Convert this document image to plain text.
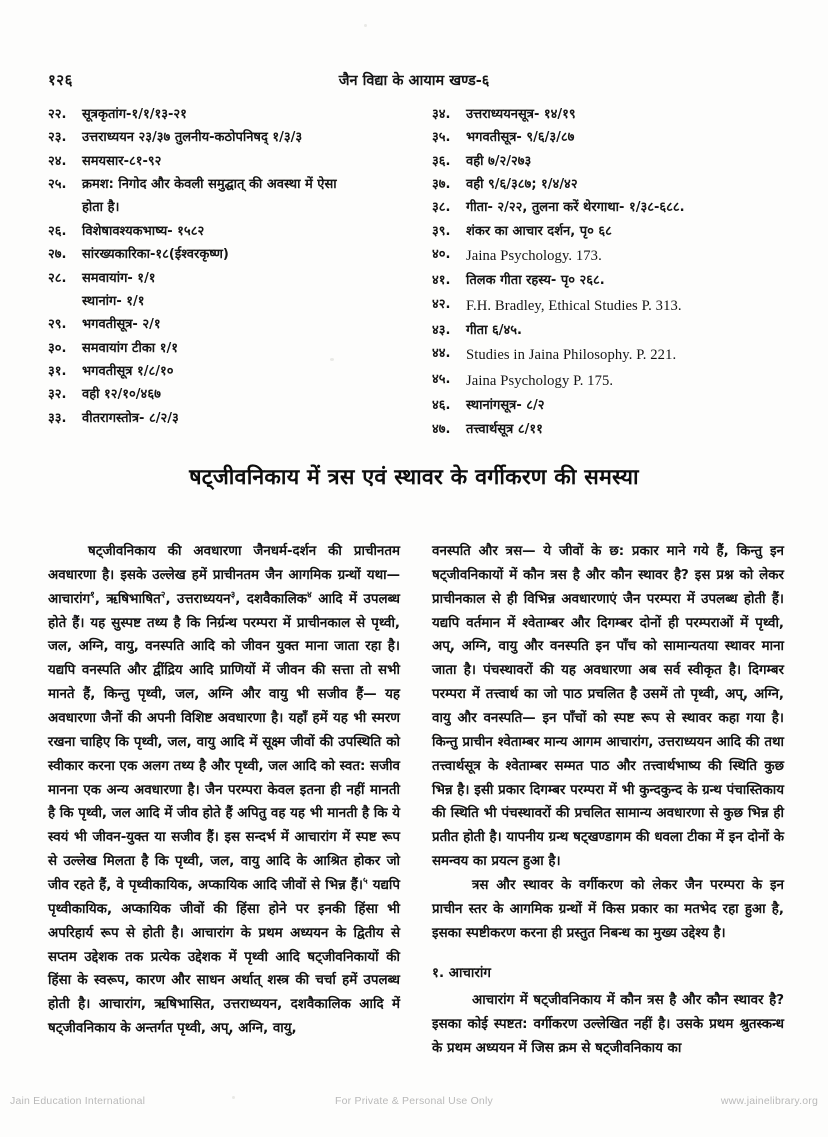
१२६	जैन विद्या के आयाम खण्ड-६
२२.	सूत्रकृतांग-१/१/१३-२१
२३.	उत्तराध्ययन २३/३७ तुलनीय-कठोपनिषद् १/३/३
२४.	समयसार-८१-९२
२५.	क्रमश: निगोद और केवली समुद्घात् की अवस्था में ऐसा
होता है।
२६.	विशेषावश्यकभाष्य- १५८२
२७.	सांरख्यकारिका-१८(ईश्वरकृष्ण)
२८.	समवायांग- १/१
स्थानांग- १/१
२९.	भगवतीसूत्र- २/१
३०.	समवायांग टीका १/१
३१.	भगवतीसूत्र १/८/१०
३२.	वही १२/१०/४६७
३३.	वीतरागस्तोत्र- ८/२/३
३४.	उत्तराध्ययनसूत्र- १४/१९
३५.	भगवतीसूत्र- ९/६/३/८७
३६.	वही ७/२/२७३
३७.	वही ९/६/३८७; १/४/४२
३८.	गीता- २/२२, तुलना करें थेरगाथा- १/३८-६८८.
३९.	शंकर का आचार दर्शन, पृ० ६८
४०.	Jaina Psychology. 173.
४१.	तिलक गीता रहस्य- पृ० २६८.
४२.	F.H. Bradley, Ethical Studies P. 313.
४३.	गीता ६/४५.
४४.	Studies in Jaina Philosophy. P. 221.
४५.	Jaina Psychology P. 175.
४६.	स्थानांगसूत्र- ८/२
४७.	तत्त्वार्थसूत्र ८/११
षट्जीवनिकाय में त्रस एवं स्थावर के वर्गीकरण की समस्या

षट्जीवनिकाय की अवधारणा जैनधर्म-दर्शन की प्राचीनतम अवधारणा है। इसके उल्लेख हमें प्राचीनतम जैन आगमिक ग्रन्थों यथा— आचारांग$^१$, ऋषिभाषित$^२$, उत्तराध्ययन$^३$, दशवैकालिक$^४$ आदि में उपलब्ध होते हैं। यह सुस्पष्ट तथ्य है कि निर्ग्रन्थ परम्परा में प्राचीनकाल से पृथ्वी, जल, अग्नि, वायु, वनस्पति आदि को जीवन युक्त माना जाता रहा है। यद्यपि वनस्पति और द्वीेंद्रिय आदि प्राणियों में जीवन की सत्ता तो सभी मानते हैं, किन्तु पृथ्वी, जल, अग्नि और वायु भी सजीव हैं— यह अवधारणा जैनों की अपनी विशिष्ट अवधारणा है। यहाँ हमें यह भी स्मरण रखना चाहिए कि पृथ्वी, जल, वायु आदि में सूक्ष्म जीवों की उपस्थिति को स्वीकार करना एक अलग तथ्य है और पृथ्वी, जल आदि को स्वत: सजीव मानना एक अन्य अवधारणा है। जैन परम्परा केवल इतना ही नहीं मानती है कि पृथ्वी, जल आदि में जीव होते हैं अपितु वह यह भी मानती है कि ये स्वयं भी जीवन-युक्त या सजीव हैं। इस सन्दर्भ में आचारांग में स्पष्ट रूप से उल्लेख मिलता है कि पृथ्वी, जल, वायु आदि के आश्रित होकर जो जीव रहते हैं, वे पृथ्वीकायिक, अप्कायिक आदि जीवों से भिन्न हैं।$^५$ यद्यपि पृथ्वीकायिक, अप्कायिक जीवों की हिंसा होने पर इनकी हिंसा भी अपरिहार्य रूप से होती है। आचारांग के प्रथम अध्ययन के द्वितीय से सप्तम उद्देशक तक प्रत्येक उद्देशक में पृथ्वी आदि षट्जीवनिकायों की हिंसा के स्वरूप, कारण और साधन अर्थात् शस्त्र की चर्चा हमें उपलब्ध होती है। आचारांग, ऋषिभासित, उत्तराध्ययन, दशवैकालिक आदि में षट्जीवनिकाय के अन्तर्गत पृथ्वी, अप्, अग्नि, वायु,

वनस्पति और त्रस— ये जीवों के छ: प्रकार माने गये हैं, किन्तु इन षट्जीवनिकायों में कौन त्रस है और कौन स्थावर है? इस प्रश्न को लेकर प्राचीनकाल से ही विभिन्न अवधारणाएं जैन परम्परा में उपलब्ध होती हैं। यद्यपि वर्तमान में श्वेताम्बर और दिगम्बर दोनों ही परम्पराओं में पृथ्वी, अप्, अग्नि, वायु और वनस्पति इन पाँच को सामान्यतया स्थावर माना जाता है। पंचस्थावरों की यह अवधारणा अब सर्व स्वीकृत है। दिगम्बर परम्परा में तत्त्वार्थ का जो पाठ प्रचलित है उसमें तो पृथ्वी, अप्, अग्नि, वायु और वनस्पति— इन पाँचों को स्पष्ट रूप से स्थावर कहा गया है। किन्तु प्राचीन श्वेताम्बर मान्य आगम आचारांग, उत्तराध्ययन आदि की तथा तत्त्वार्थसूत्र के श्वेताम्बर सम्मत पाठ और तत्त्वार्थभाष्य की स्थिति कुछ भिन्न है। इसी प्रकार दिगम्बर परम्परा में भी कुन्दकुन्द के ग्रन्थ पंचास्तिकाय की स्थिति भी पंचस्थावरों की प्रचलित सामान्य अवधारणा से कुछ भिन्न ही प्रतीत होती है। यापनीय ग्रन्थ षट्खण्डागम की धवला टीका में इन दोनों के समन्वय का प्रयत्न हुआ है।

त्रस और स्थावर के वर्गीकरण को लेकर जैन परम्परा के इन प्राचीन स्तर के आगमिक ग्रन्थों में किस प्रकार का मतभेद रहा हुआ है, इसका स्पष्टीकरण करना ही प्रस्तुत निबन्ध का मुख्य उद्देश्य है।

१. आचारांग

आचारांग में षट्जीवनिकाय में कौन त्रस है और कौन स्थावर है? इसका कोई स्पष्टत: वर्गीकरण उल्लेखित नहीं है। उसके प्रथम श्रुतस्कन्ध के प्रथम अध्ययन में जिस क्रम से षट्जीवनिकाय का

Jain Education International	For Private & Personal Use Only	www.jainelibrary.org
